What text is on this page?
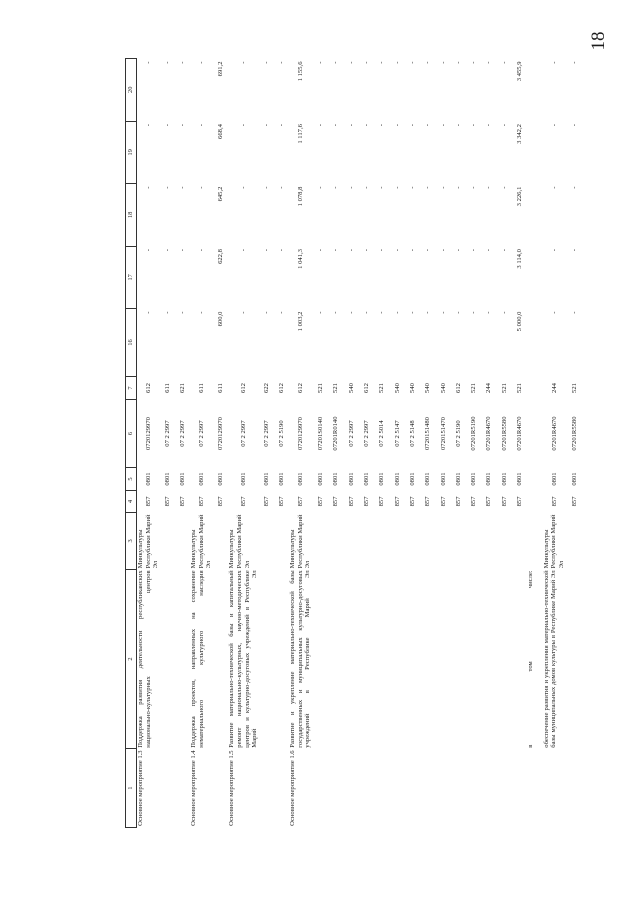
18
1	2	3	4	5	6	7	16	17	18	19	20
Основное мероприятие 1.3	Поддержка развития деятельности республиканских национально-культурных центров	Минкультуры Республики Марий Эл	857	0801	0720129970	612	-	-	-	-	-
			857	0801	07 2 2997	611	-	-	-	-	-
			857	0801	07 2 2997	621	-	-	-	-	-
Основное мероприятие 1.4	Поддержка проектов, направленных на сохранение нематериального культурного наследия	Минкультуры Республики Марий Эл	857	0801	07 2 2997	611	-	-	-	-	-
			857	0801	0720129970	611	600,0	622,8	645,2	668,4	691,2
Основное мероприятие 1.5	Развитие материально-технической базы и капитальный ремонт национально-культурных, научно-методических центров и культурно-досуговых учреждений в Республике Марий Эл	Минкультуры Республики Марий Эл	857	0801	07 2 2997	612	-	-	-	-	-
			857	0801	07 2 2997	622	-	-	-	-	-
			857	0801	07 2 5190	612	-	-	-	-	-
Основное мероприятие 1.6	Развитие и укрепление материально-технической базы государственных и муниципальных культурно-досуговых учреждений в Республике Марий Эл	Минкультуры Республики Марий Эл	857	0801	0720129970	612	1 003,2	1 041,3	1 078,8	1 117,6	1 155,6
			857	0801	07201S0140	521	-	-	-	-	-
			857	0801	07201R0140	521	-	-	-	-	-
			857	0801	07 2 2997	540	-	-	-	-	-
			857	0801	07 2 2997	612	-	-	-	-	-
			857	0801	07 2 5014	521	-	-	-	-	-
			857	0801	07 2 5147	540	-	-	-	-	-
			857	0801	07 2 5148	540	-	-	-	-	-
			857	0801	0720151480	540	-	-	-	-	-
			857	0801	0720151470	540	-	-	-	-	-
			857	0801	07 2 5190	612	-	-	-	-	-
			857	0801	07201R5190	521	-	-	-	-	-
			857	0801	07201R4670	244	-	-	-	-	-
			857	0801	07201R5580	521	-	-	-	-	-
			857	0801	07201R4670	521	5 000,0	3 114,0	3 226,1	3 342,2	3 455,9
	в том числе:										
	обеспечение развития и укрепления материально-технической базы муниципальных домов культуры в Республике Марий Эл	Минкультуры Республики Марий Эл	857	0801	07201R4670	244	-	-	-	-	-
			857	0801	07201R5580	521	-	-	-	-	-
